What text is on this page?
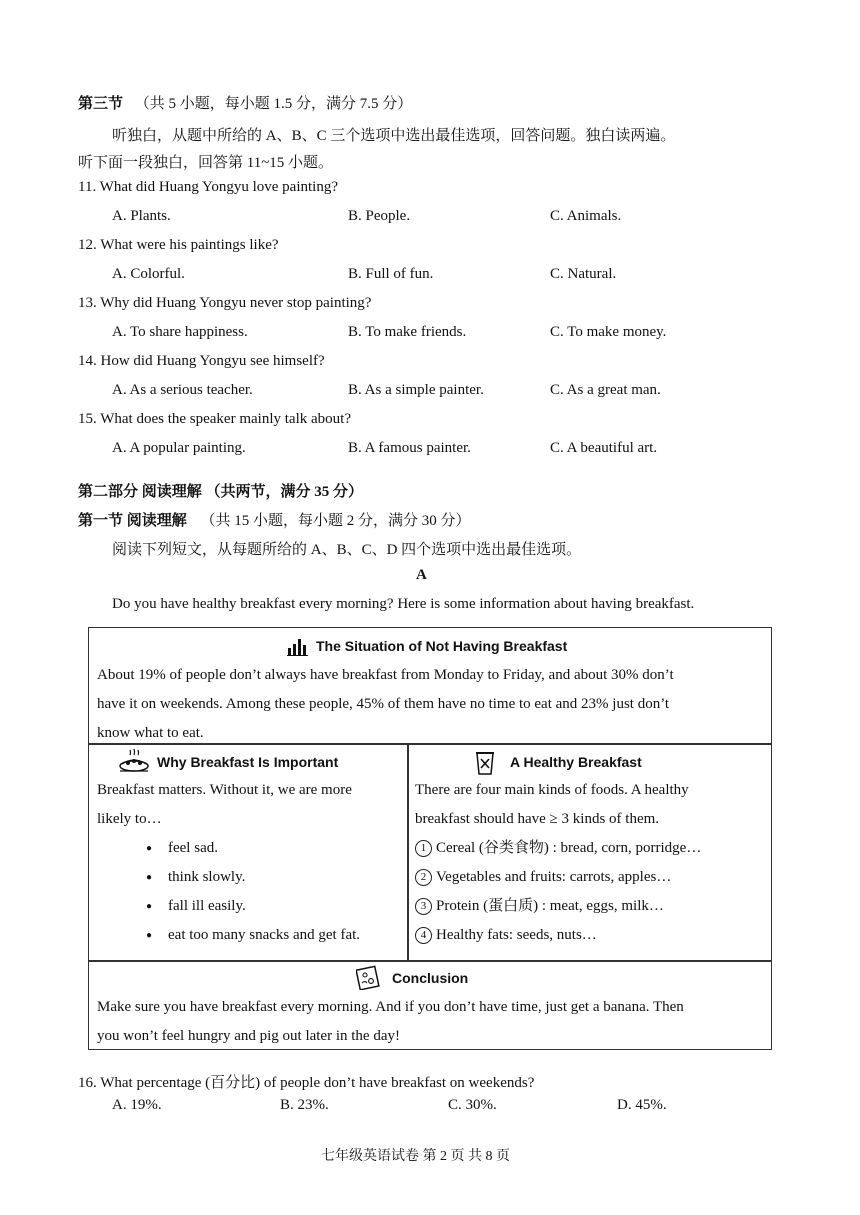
第三节 （共 5 小题，每小题 1.5 分，满分 7.5 分）
听独白，从题中所给的 A、B、C 三个选项中选出最佳选项，回答问题。独白读两遍。
听下面一段独白，回答第 11~15 小题。
11. What did Huang Yongyu love painting?
A. Plants.	B. People.	C. Animals.
12. What were his paintings like?
A. Colorful.	B. Full of fun.	C. Natural.
13. Why did Huang Yongyu never stop painting?
A. To share happiness.	B. To make friends.	C. To make money.
14. How did Huang Yongyu see himself?
A. As a serious teacher.	B. As a simple painter.	C. As a great man.
15. What does the speaker mainly talk about?
A. A popular painting.	B. A famous painter.	C. A beautiful art.
第二部分 阅读理解 （共两节，满分 35 分）
第一节 阅读理解 （共 15 小题，每小题 2 分，满分 30 分）
阅读下列短文，从每题所给的 A、B、C、D 四个选项中选出最佳选项。
A
Do you have healthy breakfast every morning? Here is some information about having breakfast.
The Situation of Not Having Breakfast
About 19% of people don’t always have breakfast from Monday to Friday, and about 30% don’t
have it on weekends. Among these people, 45% of them have no time to eat and 23% just don’t
know what to eat.
Why Breakfast Is Important
Breakfast matters. Without it, we are more
likely to…
● feel sad.
● think slowly.
● fall ill easily.
● eat too many snacks and get fat.
A Healthy Breakfast
There are four main kinds of foods. A healthy
breakfast should have ≥ 3 kinds of them.
1 Cereal (谷类食物) : bread, corn, porridge…
2 Vegetables and fruits: carrots, apples…
3 Protein (蛋白质) : meat, eggs, milk…
4 Healthy fats: seeds, nuts…
Conclusion
Make sure you have breakfast every morning. And if you don’t have time, just get a banana. Then
you won’t feel hungry and pig out later in the day!
16. What percentage (百分比) of people don’t have breakfast on weekends?
A. 19%.	B. 23%.	C. 30%.	D. 45%.
七年级英语试卷 第 2 页 共 8 页
